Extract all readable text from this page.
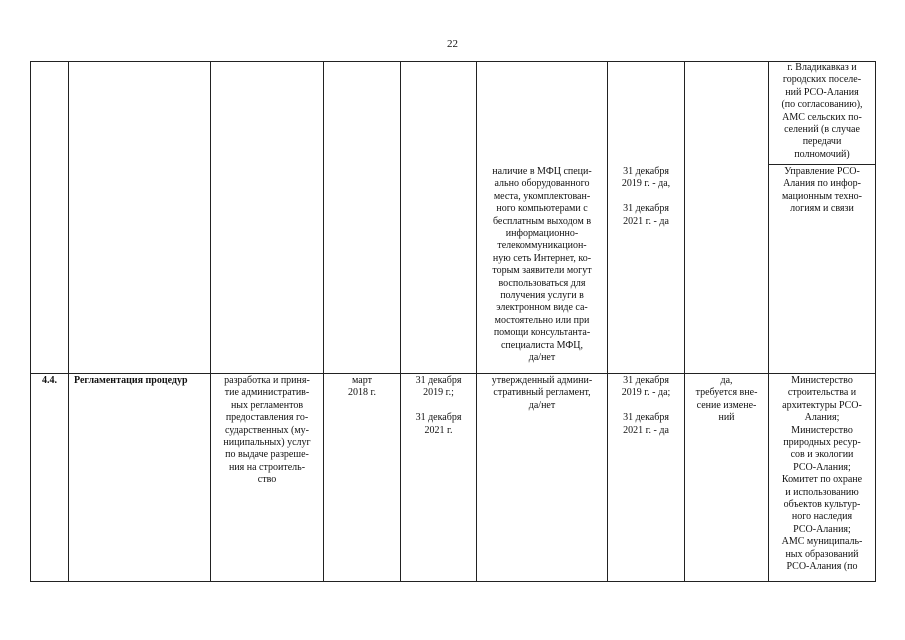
22
г. Владикавказ и
городских поселе-
ний РСО-Алания
(по согласованию),
АМС сельских по-
селений (в случае
передачи
полномочий)
наличие в МФЦ специ-
ально оборудованного
места, укомплектован-
ного компьютерами с
бесплатным выходом в
информационно-
телекоммуникацион-
ную сеть Интернет, ко-
торым заявители могут
воспользоваться для
получения услуги в
электронном виде са-
мостоятельно или при
помощи консультанта-
специалиста МФЦ,
да/нет
31 декабря
2019 г. - да,

31 декабря
2021 г. - да
Управление РСО-
Алания по инфор-
мационным техно-
логиям и связи
4.4.	Регламентация процедур	разработка и приня-
тие административ-
ных регламентов
предоставления го-
сударственных (му-
ниципальных) услуг
по выдаче разреше-
ния на строитель-
ство
март
2018 г.
31 декабря
2019 г.;

31 декабря
2021 г.
утвержденный админи-
стративный регламент,
да/нет
31 декабря
2019 г. - да;

31 декабря
2021 г. - да
да,
требуется вне-
сение измене-
ний
Министерство
строительства и
архитектуры РСО-
Алания;
Министерство
природных ресур-
сов и экологии
РСО-Алания;
Комитет по охране
и использованию
объектов культур-
ного наследия
РСО-Алания;
АМС муниципаль-
ных образований
РСО-Алания (по
